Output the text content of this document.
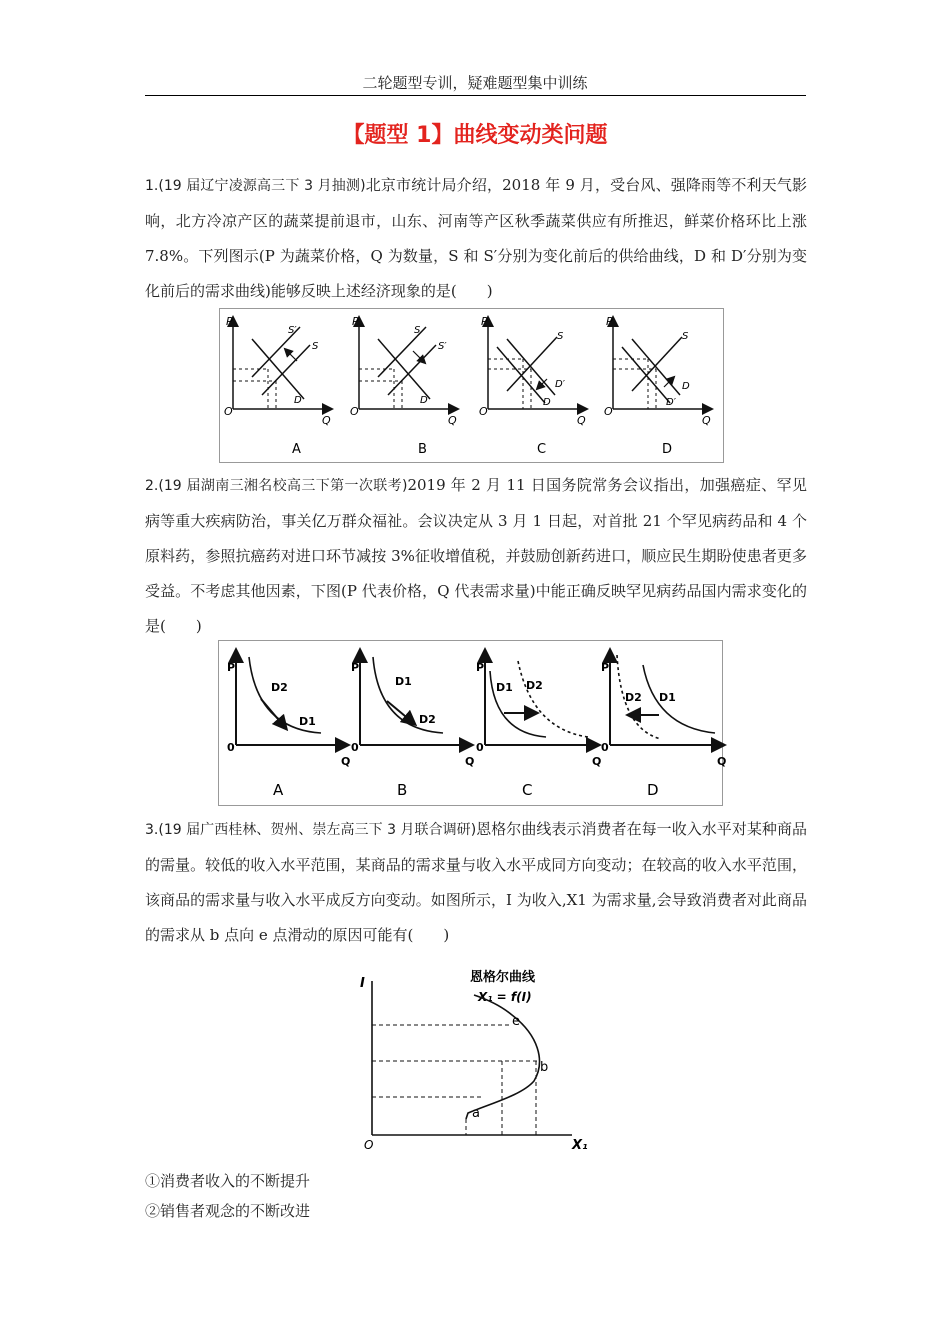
二轮题型专训，疑难题型集中训练
【题型 1】曲线变动类问题

1.(19 届辽宁凌源高三下 3 月抽测)北京市统计局介绍，2018 年 9 月，受台风、强降雨等不利天气影响，北方冷凉产区的蔬菜提前退市，山东、河南等产区秋季蔬菜供应有所推迟，鲜菜价格环比上涨 7.8%。下列图示(P 为蔬菜价格，Q 为数量，S 和 S′分别为变化前后的供给曲线，D 和 D′分别为变化前后的需求曲线)能够反映上述经济现象的是(　　)

P
Q
O
S′
S
D
A
P
Q
O
S
S′
D
B
P
Q
O
S
D′
D
C
P
Q
O
S
D
D′
D

2.(19 届湖南三湘名校高三下第一次联考)2019 年 2 月 11 日国务院常务会议指出，加强癌症、罕见病等重大疾病防治，事关亿万群众福祉。会议决定从 3 月 1 日起，对首批 21 个罕见病药品和 4 个原料药，参照抗癌药对进口环节减按 3%征收增值税，并鼓励创新药进口，顺应民生期盼使患者更多受益。不考虑其他因素，下图(P 代表价格，Q 代表需求量)中能正确反映罕见病药品国内需求变化的是(　　)

P
Q
0
D2
D1
A
P
Q
0
D1
D2
B
P
Q
0
D1 D2
C
P
Q
0
D2 D1
D

3.(19 届广西桂林、贺州、崇左高三下 3 月联合调研)恩格尔曲线表示消费者在每一收入水平对某种商品的需量。较低的收入水平范围，某商品的需求量与收入水平成同方向变动；在较高的收入水平范围，该商品的需求量与收入水平成反方向变动。如图所示，I 为收入,X1 为需求量,会导致消费者对此商品的需求从 b 点向 e 点滑动的原因可能有(　　)

I
X₁
O
恩格尔曲线
X₁ = f(I)
e
b
a
①消费者收入的不断提升
②销售者观念的不断改进
